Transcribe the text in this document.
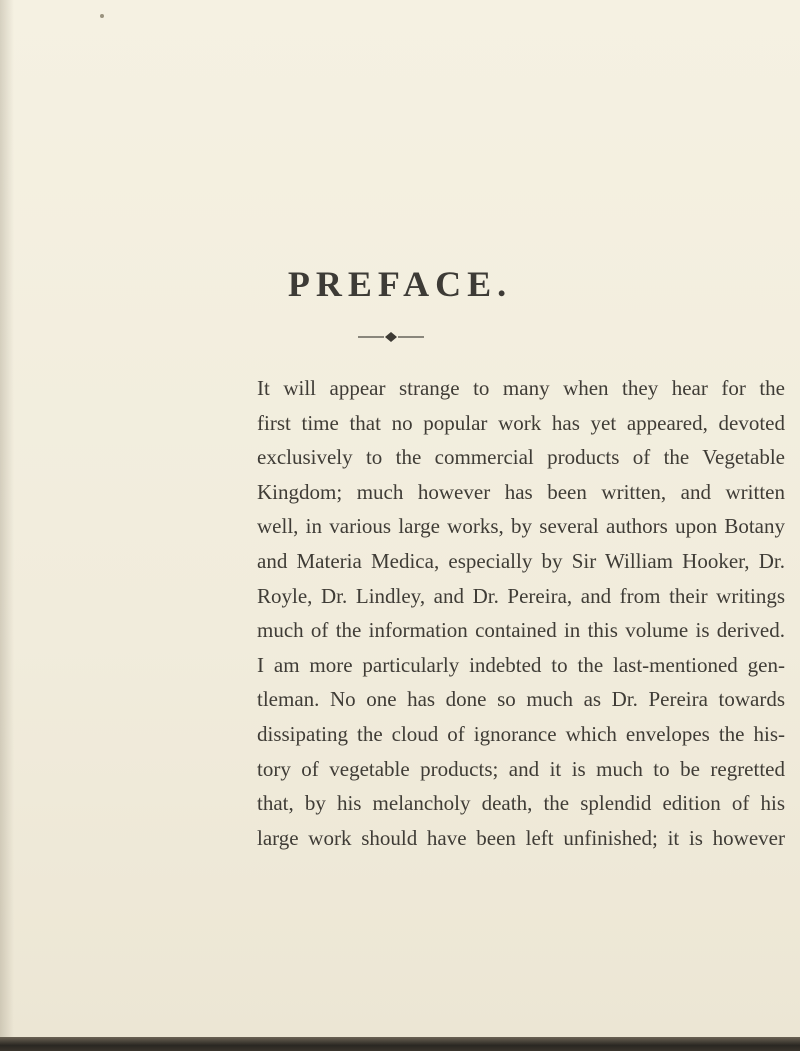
PREFACE.
It will appear strange to many when they hear for the
first time that no popular work has yet appeared, devoted
exclusively to the commercial products of the Vegetable
Kingdom; much however has been written, and written
well, in various large works, by several authors upon Botany
and Materia Medica, especially by Sir William Hooker, Dr.
Royle, Dr. Lindley, and Dr. Pereira, and from their writings
much of the information contained in this volume is derived.
I am more particularly indebted to the last-mentioned gen-
tleman. No one has done so much as Dr. Pereira towards
dissipating the cloud of ignorance which envelopes the his-
tory of vegetable products; and it is much to be regretted
that, by his melancholy death, the splendid edition of his
large work should have been left unfinished; it is however
